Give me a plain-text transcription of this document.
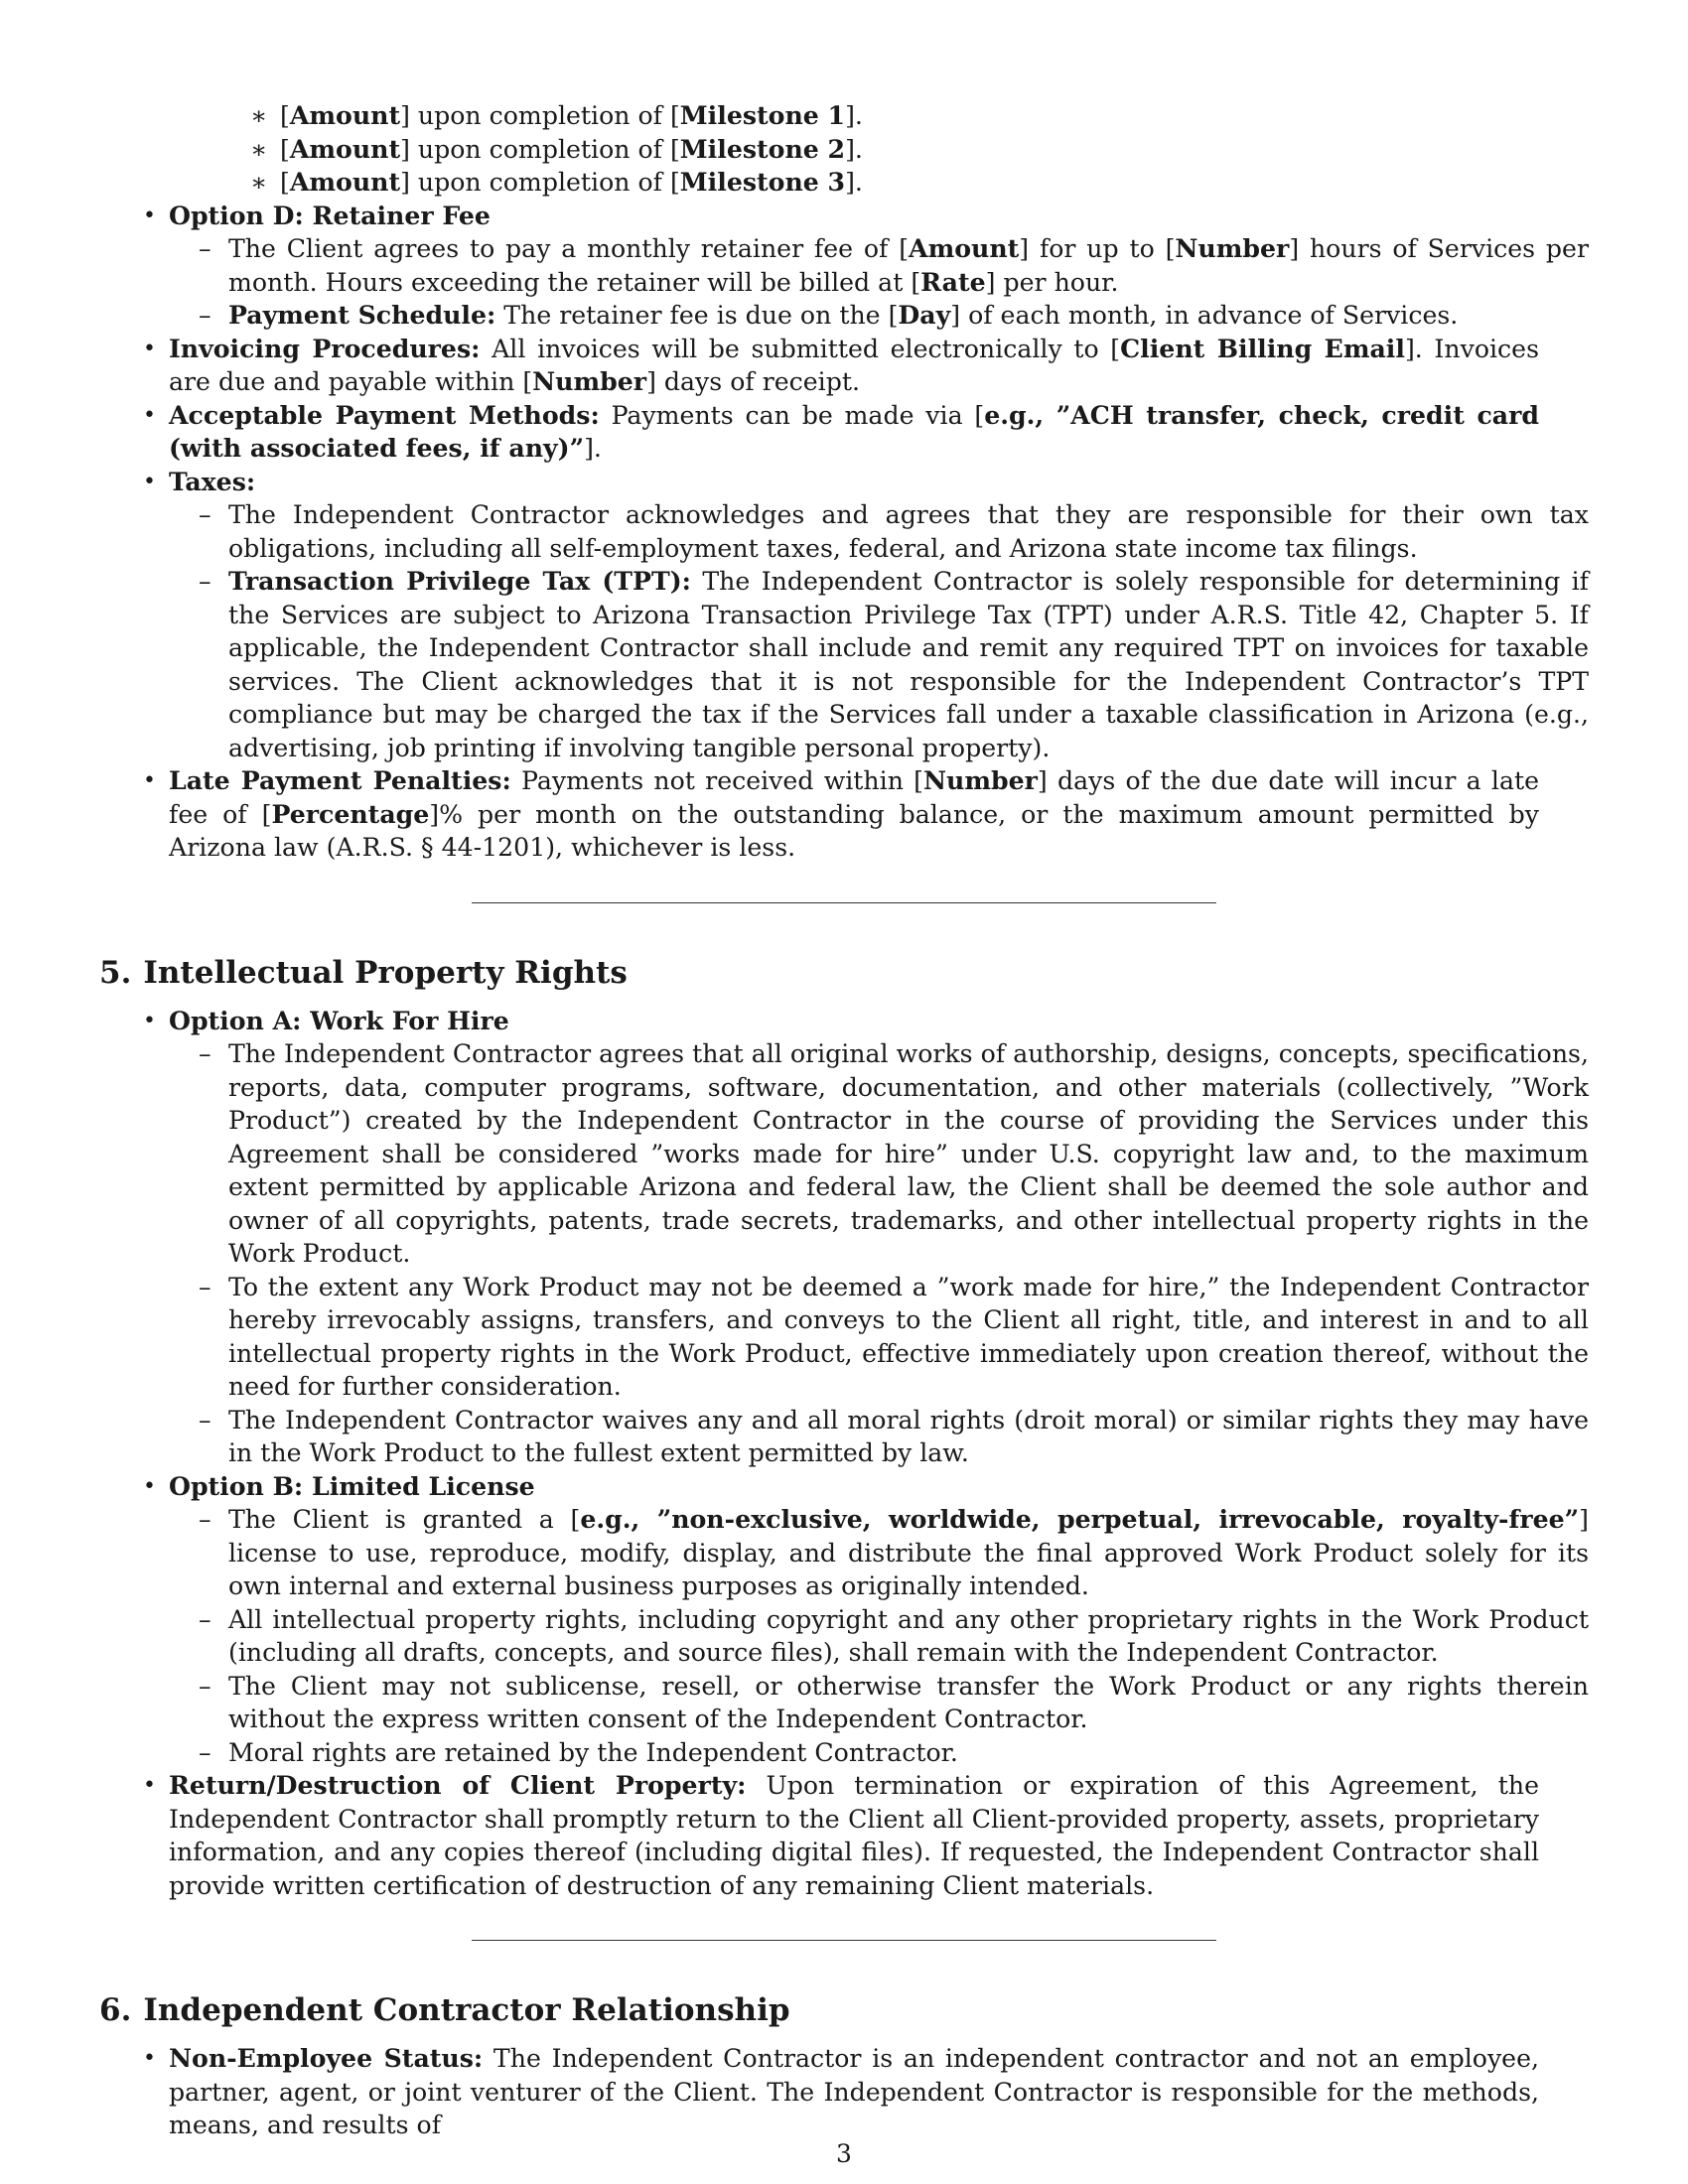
∗ [Amount] upon completion of [Milestone 1].
∗ [Amount] upon completion of [Milestone 2].
∗ [Amount] upon completion of [Milestone 3].
• Option D: Retainer Fee
– The Client agrees to pay a monthly retainer fee of [Amount] for up to [Number] hours of Services per month. Hours exceeding the retainer will be billed at [Rate] per hour.
– Payment Schedule: The retainer fee is due on the [Day] of each month, in advance of Services.
• Invoicing Procedures: All invoices will be submitted electronically to [Client Billing Email]. Invoices are due and payable within [Number] days of receipt.
• Acceptable Payment Methods: Payments can be made via [e.g., ”ACH transfer, check, credit card (with associated fees, if any)”].
• Taxes:
– The Independent Contractor acknowledges and agrees that they are responsible for their own tax obligations, including all self-employment taxes, federal, and Arizona state income tax filings.
– Transaction Privilege Tax (TPT): The Independent Contractor is solely responsible for determining if the Services are subject to Arizona Transaction Privilege Tax (TPT) under A.R.S. Title 42, Chapter 5. If applicable, the Independent Contractor shall include and remit any required TPT on invoices for taxable services. The Client acknowledges that it is not responsible for the Independent Contractor’s TPT compliance but may be charged the tax if the Services fall under a taxable classification in Arizona (e.g., advertising, job printing if involving tangible personal property).
• Late Payment Penalties: Payments not received within [Number] days of the due date will incur a late fee of [Percentage]% per month on the outstanding balance, or the maximum amount permitted by Arizona law (A.R.S. § 44-1201), whichever is less.
5. Intellectual Property Rights
• Option A: Work For Hire
– The Independent Contractor agrees that all original works of authorship, designs, concepts, specifications, reports, data, computer programs, software, documentation, and other materials (collectively, ”Work Product”) created by the Independent Contractor in the course of providing the Services under this Agreement shall be considered ”works made for hire” under U.S. copyright law and, to the maximum extent permitted by applicable Arizona and federal law, the Client shall be deemed the sole author and owner of all copyrights, patents, trade secrets, trademarks, and other intellectual property rights in the Work Product.
– To the extent any Work Product may not be deemed a ”work made for hire,” the Independent Contractor hereby irrevocably assigns, transfers, and conveys to the Client all right, title, and interest in and to all intellectual property rights in the Work Product, effective immediately upon creation thereof, without the need for further consideration.
– The Independent Contractor waives any and all moral rights (droit moral) or similar rights they may have in the Work Product to the fullest extent permitted by law.
• Option B: Limited License
– The Client is granted a [e.g., ”non-exclusive, worldwide, perpetual, irrevocable, royalty-free”] license to use, reproduce, modify, display, and distribute the final approved Work Product solely for its own internal and external business purposes as originally intended.
– All intellectual property rights, including copyright and any other proprietary rights in the Work Product (including all drafts, concepts, and source files), shall remain with the Independent Contractor.
– The Client may not sublicense, resell, or otherwise transfer the Work Product or any rights therein without the express written consent of the Independent Contractor.
– Moral rights are retained by the Independent Contractor.
• Return/Destruction of Client Property: Upon termination or expiration of this Agreement, the Independent Contractor shall promptly return to the Client all Client-provided property, assets, proprietary information, and any copies thereof (including digital files). If requested, the Independent Contractor shall provide written certification of destruction of any remaining Client materials.
6. Independent Contractor Relationship
• Non-Employee Status: The Independent Contractor is an independent contractor and not an employee, partner, agent, or joint venturer of the Client. The Independent Contractor is responsible for the methods, means, and results of
3
